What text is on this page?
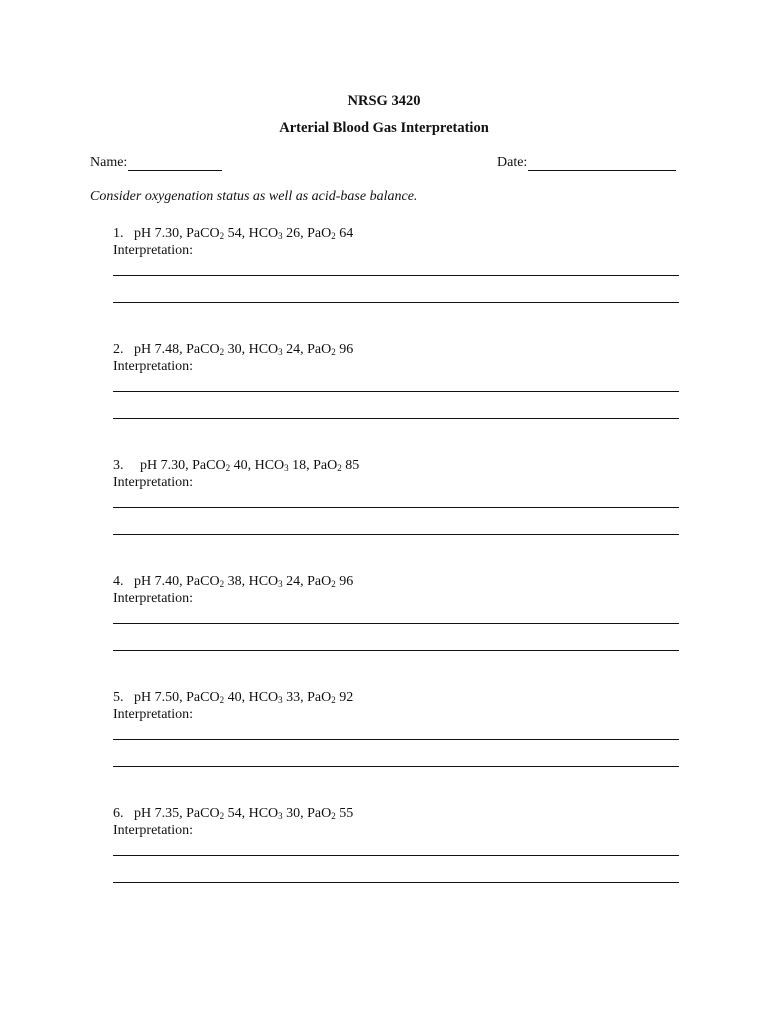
NRSG 3420
Arterial Blood Gas Interpretation
Name:	Date:
Consider oxygenation status as well as acid-base balance.
1. pH 7.30, PaCO$_2$ 54, $HCO_3$ 26, PaO$_2$ 64
Interpretation:
2. pH 7.48, PaCO$_2$ 30, $HCO_3$ 24, PaO$_2$ 96
Interpretation:
3. pH 7.30, PaCO$_2$ 40, $HCO_3$ 18, PaO$_2$ 85
Interpretation:
4. pH 7.40, PaCO$_2$ 38, $HCO_3$ 24, PaO$_2$ 96
Interpretation:
5. pH 7.50, PaCO$_2$ 40, $HCO_3$ 33, PaO$_2$ 92
Interpretation:
6. pH 7.35, PaCO$_2$ 54, $HCO_3$ 30, PaO$_2$ 55
Interpretation:
